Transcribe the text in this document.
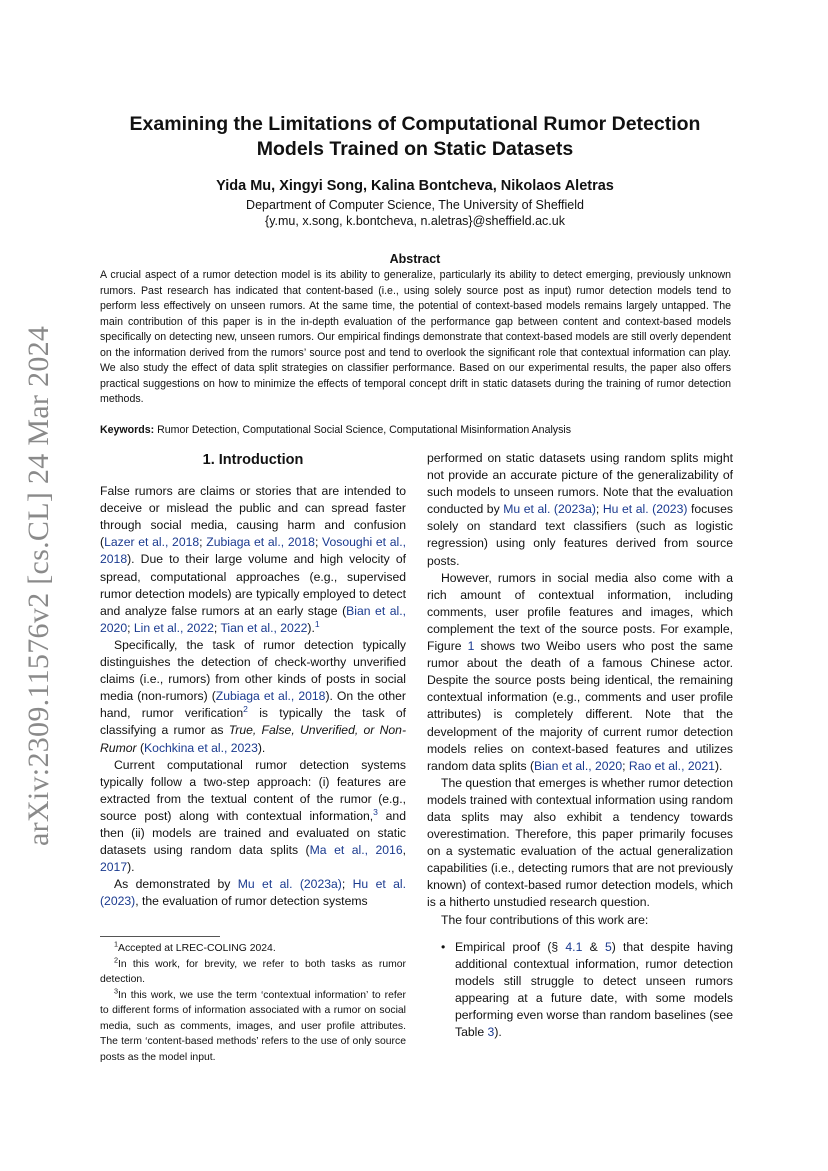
arXiv:2309.11576v2 [cs.CL] 24 Mar 2024
Examining the Limitations of Computational Rumor Detection
Models Trained on Static Datasets
Yida Mu, Xingyi Song, Kalina Bontcheva, Nikolaos Aletras
Department of Computer Science, The University of Sheffield
{y.mu, x.song, k.bontcheva, n.aletras}@sheffield.ac.uk
Abstract
A crucial aspect of a rumor detection model is its ability to generalize, particularly its ability to detect emerging, previously unknown rumors. Past research has indicated that content-based (i.e., using solely source post as input) rumor detection models tend to perform less effectively on unseen rumors. At the same time, the potential of context-based models remains largely untapped. The main contribution of this paper is in the in-depth evaluation of the performance gap between content and context-based models specifically on detecting new, unseen rumors. Our empirical findings demonstrate that context-based models are still overly dependent on the information derived from the rumors’ source post and tend to overlook the significant role that contextual information can play. We also study the effect of data split strategies on classifier performance. Based on our experimental results, the paper also offers practical suggestions on how to minimize the effects of temporal concept drift in static datasets during the training of rumor detection methods.
Keywords: Rumor Detection, Computational Social Science, Computational Misinformation Analysis
1. Introduction

False rumors are claims or stories that are intended to deceive or mislead the public and can spread faster through social media, causing harm and confusion (Lazer et al., 2018; Zubiaga et al., 2018; Vosoughi et al., 2018). Due to their large volume and high velocity of spread, computational approaches (e.g., supervised rumor detection models) are typically employed to detect and analyze false rumors at an early stage (Bian et al., 2020; Lin et al., 2022; Tian et al., 2022).$^1$

Specifically, the task of rumor detection typically distinguishes the detection of check-worthy unverified claims (i.e., rumors) from other kinds of posts in social media (non-rumors) (Zubiaga et al., 2018). On the other hand, rumor verification$^2$ is typically the task of classifying a rumor as True, False, Unverified, or Non-Rumor (Kochkina et al., 2023).

Current computational rumor detection systems typically follow a two-step approach: (i) features are extracted from the textual content of the rumor (e.g., source post) along with contextual information,$^3$ and then (ii) models are trained and evaluated on static datasets using random data splits (Ma et al., 2016, 2017).

As demonstrated by Mu et al. (2023a); Hu et al. (2023), the evaluation of rumor detection systems

$^1$Accepted at LREC-COLING 2024.

$^2$In this work, for brevity, we refer to both tasks as rumor detection.

$^3$In this work, we use the term ‘contextual information’ to refer to different forms of information associated with a rumor on social media, such as comments, images, and user profile attributes. The term ‘content-based methods’ refers to the use of only source posts as the model input.

performed on static datasets using random splits might not provide an accurate picture of the generalizability of such models to unseen rumors. Note that the evaluation conducted by Mu et al. (2023a); Hu et al. (2023) focuses solely on standard text classifiers (such as logistic regression) using only features derived from source posts.

However, rumors in social media also come with a rich amount of contextual information, including comments, user profile features and images, which complement the text of the source posts. For example, Figure 1 shows two Weibo users who post the same rumor about the death of a famous Chinese actor. Despite the source posts being identical, the remaining contextual information (e.g., comments and user profile attributes) is completely different. Note that the development of the majority of current rumor detection models relies on context-based features and utilizes random data splits (Bian et al., 2020; Rao et al., 2021).

The question that emerges is whether rumor detection models trained with contextual information using random data splits may also exhibit a tendency towards overestimation. Therefore, this paper primarily focuses on a systematic evaluation of the actual generalization capabilities (i.e., detecting rumors that are not previously known) of context-based rumor detection models, which is a hitherto unstudied research question.

The four contributions of this work are:

• Empirical proof (§ 4.1 & 5) that despite having additional contextual information, rumor detection models still struggle to detect unseen rumors appearing at a future date, with some models performing even worse than random baselines (see Table 3).
